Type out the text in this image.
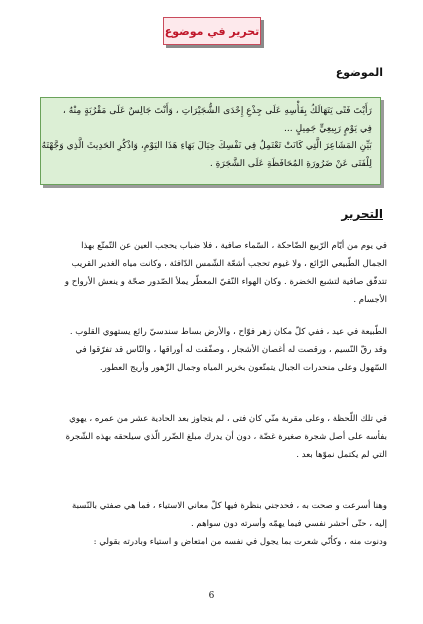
تحرير في موضوع
الموضوع

رَأَيْتَ فَتًى يَتَهَالَكُ بِفَأْسِهِ عَلَى جِذْعِ إِحْدَى الشُّجَيْرَاتِ ، وَأَنْتَ جَالِسٌ عَلَى مَقْرُبَةٍ مِنْهُ ،

فِي يَوْمٍ رَبِيعِيٍّ جَمِيلٍ ...

بَيِّنِ المَشَاعِرَ الَّتِي كَانَتْ تَعْتَمِلُ فِي نَفْسِكَ حِيَالَ بَهَاءِ هَذَا اليَوْمِ، وَاذْكُرِ الحَدِيثَ الَّذِي وَجَّهْتَهُ

لِلْفَتَى عَنْ ضَرُورَةِ المُحَافَظَةِ عَلَى الشَّجَرَةِ .

التحرير
في يوم من أيّام الرّبيع الضّاحكة ، السّماء صافية ، فلا ضباب يحجب العين عن التّمتّع بهذا
الجمال الطّبيعي الرّائع ، ولا غيوم تحجب أشعّة الشّمس الدّافئة ، وكانت مياه الغدير القريب
تتدفّق صافية لتشبع الخضرة . وكان الهواء النّقيّ المعطّر يملأ الصّدور صحّة و ينعش الأرواح و
الأجسام .
الطّبيعة في عيد ، ففي كلّ مكان زهر فوّاح ، والأرض بساط سندسيّ رائع يستهوي القلوب .
وقد رقّ النّسيم ، ورقصت له أغصان الأشجار ، وصفّقت له أوراقها ، والنّاس قد تفرّقوا في
السّهول وعلى منحدرات الجبال يتمتّعون بخرير المياه وجمال الزّهور وأريج العطور.
في تلك اللّحظة ، وعلى مقربة منّي كان فتى ، لم يتجاوز بعد الحادية عشر من عمره ، يهوي
بفأسه على أصل شجرة صغيرة غضّة ، دون أن يدرك مبلغ الضّرر الّذي سيلحقه بهذه الشّجرة
التي لم يكتمل نموّها بعد .
وهنا أسرعت و صحت به ، فحدجني بنظرة فيها كلّ معاني الاستياء ، فما هي صفتي بالنّسبة
إليه ، حتّى أحشر نفسي فيما يهمّه وأسرته دون سواهم .
ودنوت منه ، وكأنّي شعرت بما يجول في نفسه من امتعاض و استياء وبادرته بقولي :
6
